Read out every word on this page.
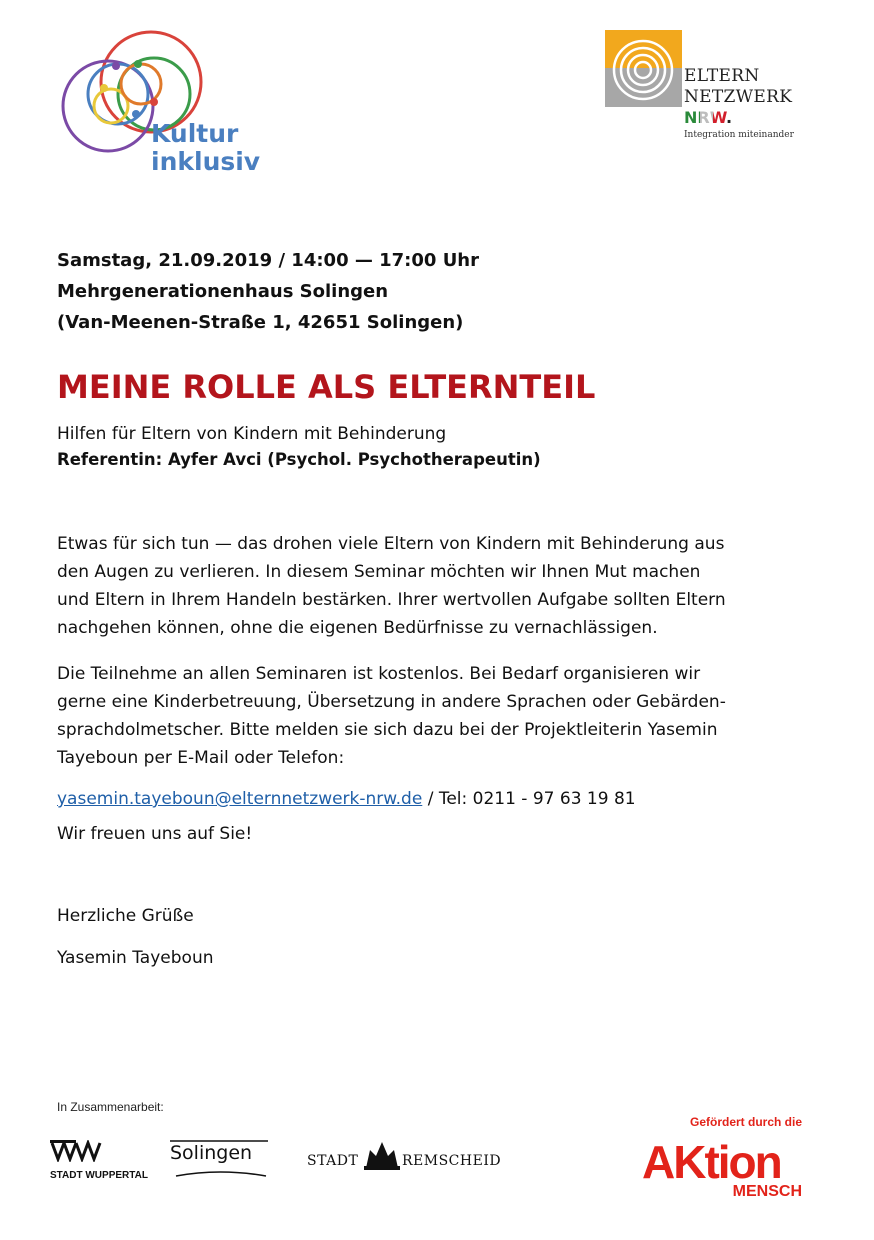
Kultur
inklusiv
ELTERN
NETZWERK
NRW.
Integration miteinander
Samstag, 21.09.2019 / 14:00 — 17:00 Uhr
Mehrgenerationenhaus Solingen
(Van-Meenen-Straße 1, 42651 Solingen)
MEINE ROLLE ALS ELTERNTEIL
Hilfen für Eltern von Kindern mit Behinderung
Referentin: Ayfer Avci (Psychol. Psychotherapeutin)
Etwas für sich tun — das drohen viele Eltern von Kindern mit Behinderung aus
den Augen zu verlieren. In diesem Seminar möchten wir Ihnen Mut machen
und Eltern in Ihrem Handeln bestärken. Ihrer wertvollen Aufgabe sollten Eltern
nachgehen können, ohne die eigenen Bedürfnisse zu vernachlässigen.
Die Teilnehme an allen Seminaren ist kostenlos. Bei Bedarf organisieren wir
gerne eine Kinderbetreuung, Übersetzung in andere Sprachen oder Gebärden-
sprachdolmetscher. Bitte melden sie sich dazu bei der Projektleiterin Yasemin
Tayeboun per E-Mail oder Telefon:
yasemin.tayeboun@elternnetzwerk-nrw.de / Tel: 0211 - 97 63 19 81
Wir freuen uns auf Sie!
Herzliche Grüße
Yasemin Tayeboun
In Zusammenarbeit:
STADT WUPPERTAL
Solingen	STADT	REMSCHEID
Gefördert durch die
AKtion
MENSCH
